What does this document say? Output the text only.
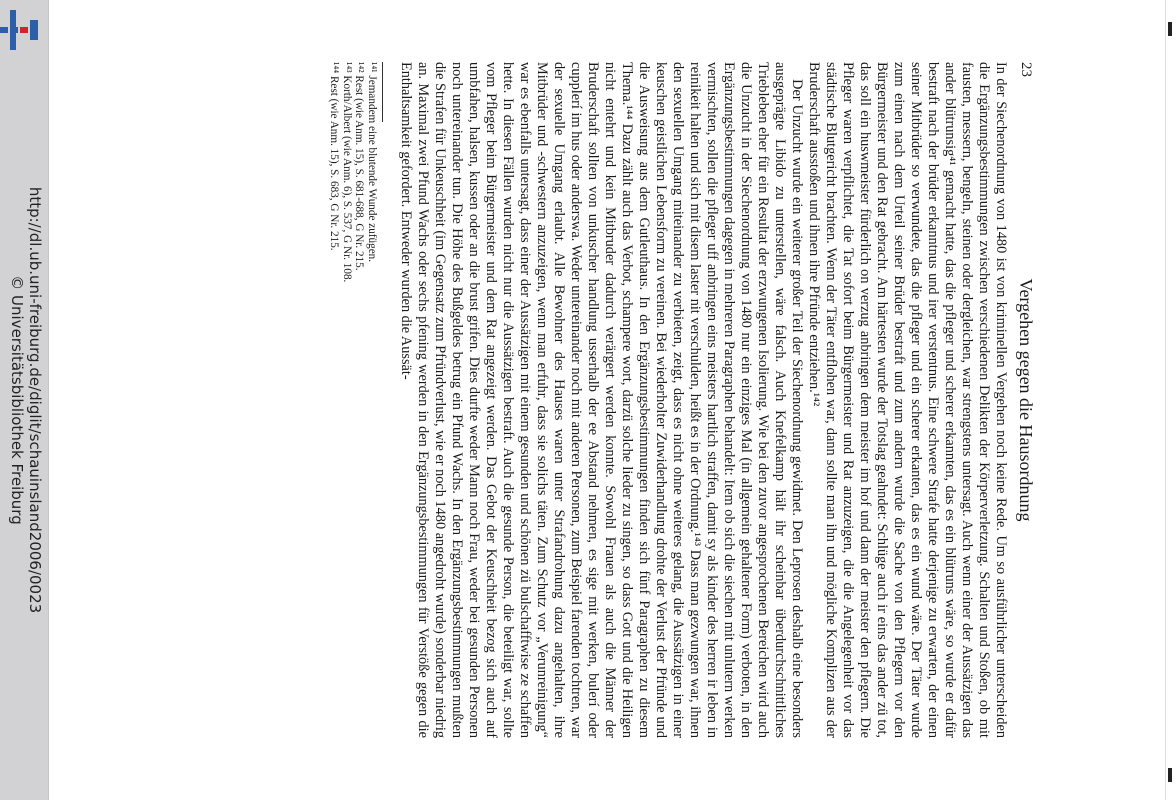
http://dl.ub.uni-freiburg.de/diglit/schauinsland2006/0023
© Universitätsbibliothek Freiburg
23
Vergehen gegen die Hausordnung

In der Siechenordnung von 1480 ist von kriminellen Vergehen noch keine Rede. Um so ausführlicher unterscheiden die Ergänzungsbestimmungen zwischen verschiedenen Delikten der Körperverletzung. Schalten und Stoßen, ob mit fausten, messern, bengeln, steinen oder dergleichen, war strengstens untersagt. Auch wenn einer der Aussätzigen das ander blütrunsig⁴¹ gemacht hatte, das die pfleger und scherer erkannten, das es ein blütruns wäre, so wurde er dafür bestraft nach der brüder erkanntnus und irer verstentnus. Eine schwere Strafe hatte derjenige zu erwarten, der einen seiner Mitbrüder so verwundete, das die pfleger und ein scherer erkanten, das es ein wund wäre. Der Täter wurde zum einen nach dem Urteil seiner Brüder bestraft und zum andern wurde die Sache von den Pflegern vor den Bürgermeister und den Rat gebracht. Am härtesten wurde der Totslag geahndet: Schlüge auch ir eins das ander zü tot, das soll ein huswmeister fürderlich on verzug anbringen dem meister im hof und dann der meister den pflegern. Die Pfleger waren verpflichtet, die Tat sofort beim Bürgermeister und Rat anzuzeigen, die die Angelegenheit vor das städtische Blutgericht brachten. Wenn der Täter entflohen war, dann sollte man ihn und mögliche Komplizen aus der Bruderschaft ausstoßen und ihnen ihre Pfründe entziehen.¹⁴²

Der Unzucht wurde ein weiterer großer Teil der Siechenordnung gewidmet. Den Leprosen deshalb eine besonders ausgeprägte Libido zu unterstellen, wäre falsch. Auch Knefelkamp hält ihr scheinbar überdurchschnittliches Triebleben eher für ein Resultat der erzwungenen Isolierung. Wie bei den zuvor angesprochenen Bereichen wird auch die Unzucht in der Siechenordnung von 1480 nur ein einziges Mal (in allgemein gehaltener Form) verboten, in den Ergänzungsbestimmungen dagegen in mehreren Paragraphen behandelt: Item ob sich die siechen mit unlutern werken vermischten, sollen die pfleger uff anbringen eins meisters hartlich straffen, damit sy als kinder des herren ir leben in reinikeit halten und sich mit disem laster nit verschulden, heißt es in der Ordnung.¹⁴³ Dass man gezwungen war, ihnen den sexuellen Umgang miteinander zu verbieten, zeigt, dass es nicht ohne weiteres gelang, die Aussätzigen in einer keuschen geistlichen Lebensform zu vereinen. Bei wiederholter Zuwiderhandlung drohte der Verlust der Pfründe und die Ausweisung aus dem Gutleuthaus. In den Ergänzungsbestimmungen finden sich fünf Paragraphen zu diesem Thema.¹⁴⁴ Dazu zählt auch das Verbot, schampere wort, darzü solche lieder zu singen, so dass Gott und die Heiligen nicht entehrt und kein Mitbruder dadurch verärgert werden konnte. Sowohl Frauen als auch die Männer der Bruderschaft sollten von unkuscher handlung usserhalb der ee Abstand nehmen, es sige mit werken, bulerí oder cupplerí im hus oder anderswa. Weder untereinander noch mit anderen Personen, zum Beispiel farenden tochtren, war der sexuelle Umgang erlaubt. Alle Bewohner des Hauses waren unter Strafandrohung dazu angehalten, ihre Mitbrüder und -schwestern anzuzeigen, wenn man erfuhr, dass sie solichs täten. Zum Schutz vor „Verunreinigung“ war es ebenfalls untersagt, dass einer der Aussätzigen mit einem gesunden und schönen zü bulschafftwise ze schaffen hette. In diesen Fällen wurden nicht nur die Aussätzigen bestraft. Auch die gesunde Person, die beteiligt war, sollte vom Pfleger beim Bürgermeister und dem Rat angezeigt werden. Das Gebot der Keuschheit bezog sich auch auf umbfahen, halsen, kussen oder an die brust grifen. Dies durfte weder Mann noch Frau, weder bei gesunden Personen noch untereinander tun. Die Höhe des Bußgeldes betrug ein Pfund Wachs. In den Ergänzungsbestimmungen mußten die Strafen für Unkeuschheit (im Gegensatz zum Pfründverlust, wie er noch 1480 angedroht wurde) sonderbar niedrig an. Maximal zwei Pfund Wachs oder sechs pfening werden in den Ergänzungsbestimmungen für Verstöße gegen die Enthaltsamkeit gefordert. Entweder wurden die Aussät-

¹⁴¹ Jemandem eine blutende Wunde zufügen.

¹⁴² Rest (wie Anm. 15), S. 681-688, G Nr. 215.

¹⁴³ Korth/Albert (wie Anm. 6), S. 537, G Nr. 108.

¹⁴⁴ Rest (wie Anm. 15), S. 683, G Nr. 215.
